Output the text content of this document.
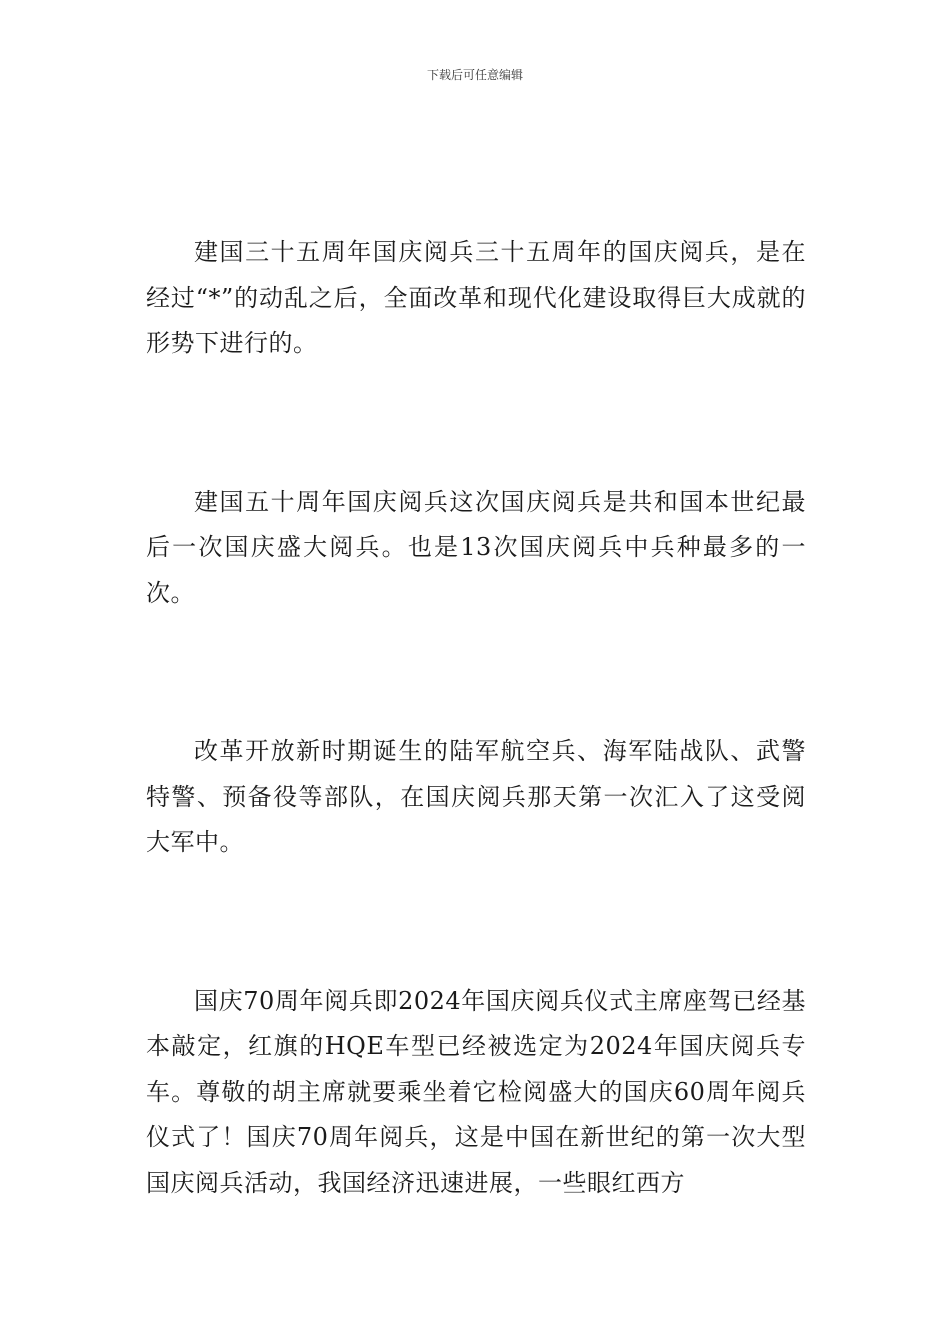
下载后可任意编辑

建国三十五周年国庆阅兵三十五周年的国庆阅兵，是在经过“*”的动乱之后，全面改革和现代化建设取得巨大成就的形势下进行的。

建国五十周年国庆阅兵这次国庆阅兵是共和国本世纪最后一次国庆盛大阅兵。也是13次国庆阅兵中兵种最多的一次。

改革开放新时期诞生的陆军航空兵、海军陆战队、武警特警、预备役等部队，在国庆阅兵那天第一次汇入了这受阅大军中。

国庆70周年阅兵即2024年国庆阅兵仪式主席座驾已经基本敲定，红旗的HQE车型已经被选定为2024年国庆阅兵专车。尊敬的胡主席就要乘坐着它检阅盛大的国庆60周年阅兵仪式了！国庆70周年阅兵，这是中国在新世纪的第一次大型国庆阅兵活动，我国经济迅速进展，一些眼红西方
